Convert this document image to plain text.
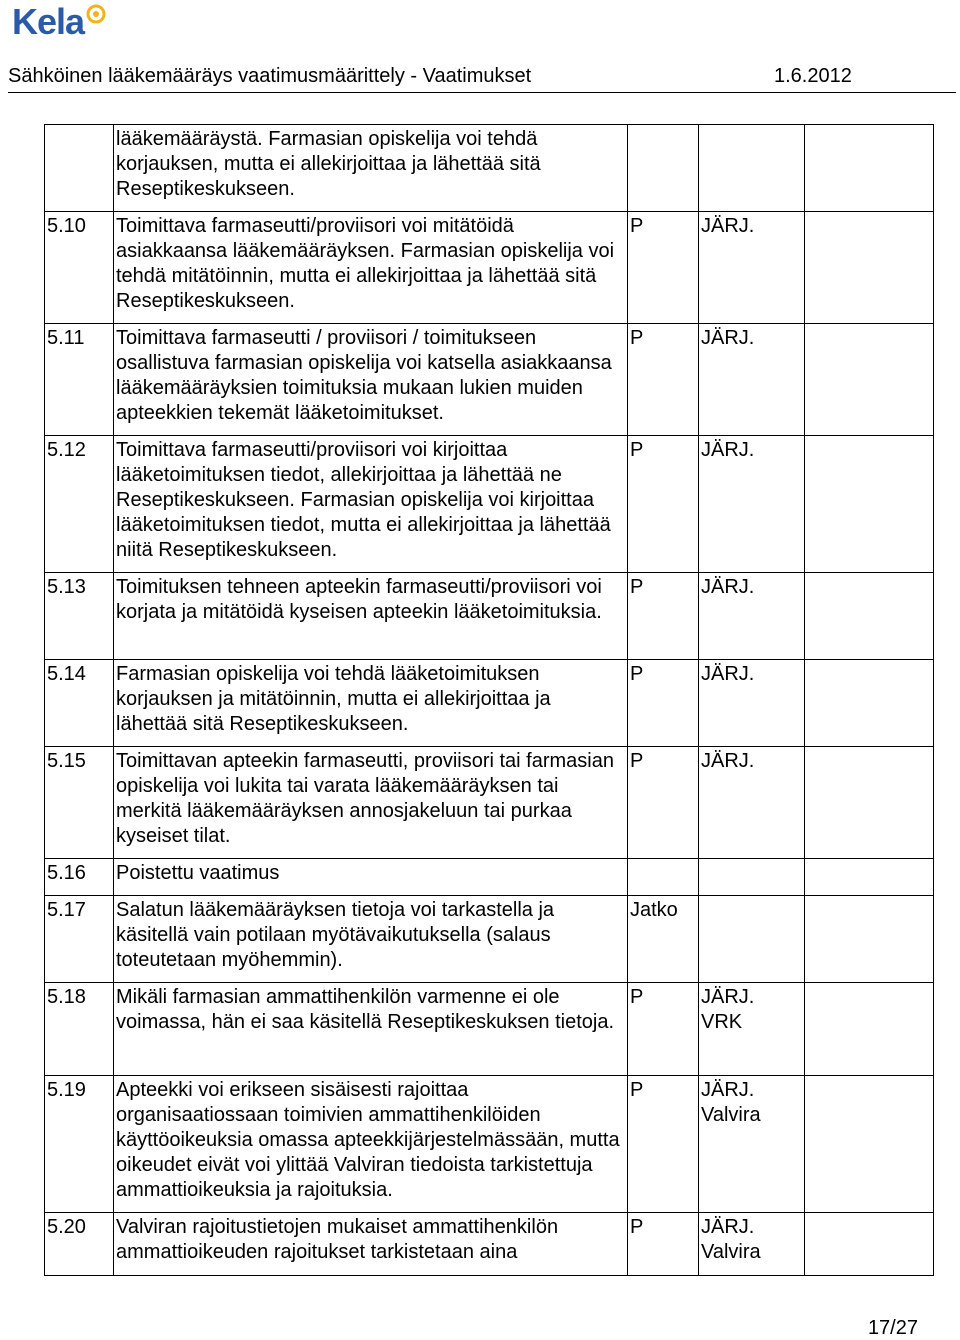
Kela
Sähköinen lääkemääräys vaatimusmäärittely - Vaatimukset	1.6.2012
	lääkemääräystä. Farmasian opiskelija voi tehdä korjauksen, mutta ei allekirjoittaa ja lähettää sitä Reseptikeskukseen.			
5.10	Toimittava farmaseutti/proviisori voi mitätöidä asiakkaansa lääkemääräyksen. Farmasian opiskelija voi tehdä mitätöinnin, mutta ei allekirjoittaa ja lähettää sitä Reseptikeskukseen.	P	JÄRJ.	
5.11	Toimittava farmaseutti / proviisori / toimitukseen osallistuva farmasian opiskelija voi katsella asiakkaansa lääkemääräyksien toimituksia mukaan lukien muiden apteekkien tekemät lääketoimitukset.	P	JÄRJ.	
5.12	Toimittava farmaseutti/proviisori voi kirjoittaa lääketoimituksen tiedot, allekirjoittaa ja lähettää ne Reseptikeskukseen. Farmasian opiskelija voi kirjoittaa lääketoimituksen tiedot, mutta ei allekirjoittaa ja lähettää niitä Reseptikeskukseen.	P	JÄRJ.	
5.13	Toimituksen tehneen apteekin farmaseutti/proviisori voi korjata ja mitätöidä kyseisen apteekin lääketoimituksia.	P	JÄRJ.	
5.14	Farmasian opiskelija voi tehdä lääketoimituksen korjauksen ja mitätöinnin, mutta ei allekirjoittaa ja lähettää sitä Reseptikeskukseen.	P	JÄRJ.	
5.15	Toimittavan apteekin farmaseutti, proviisori tai farmasian opiskelija voi lukita tai varata lääkemääräyksen tai merkitä lääkemääräyksen annosjakeluun tai purkaa kyseiset tilat.	P	JÄRJ.	
5.16	Poistettu vaatimus			
5.17	Salatun lääkemääräyksen tietoja voi tarkastella ja käsitellä vain potilaan myötävaikutuksella (salaus toteutetaan myöhemmin).	Jatko		
5.18	Mikäli farmasian ammattihenkilön varmenne ei ole voimassa, hän ei saa käsitellä Reseptikeskuksen tietoja.	P	JÄRJ.
VRK	
5.19	Apteekki voi erikseen sisäisesti rajoittaa organisaatiossaan toimivien ammattihenkilöiden käyttöoikeuksia omassa apteekkijärjestelmässään, mutta oikeudet eivät voi ylittää Valviran tiedoista tarkistettuja ammattioikeuksia ja rajoituksia.	P	JÄRJ.
Valvira	
5.20	Valviran rajoitustietojen mukaiset ammattihenkilön ammattioikeuden rajoitukset tarkistetaan aina	P	JÄRJ.
Valvira	
17/27
